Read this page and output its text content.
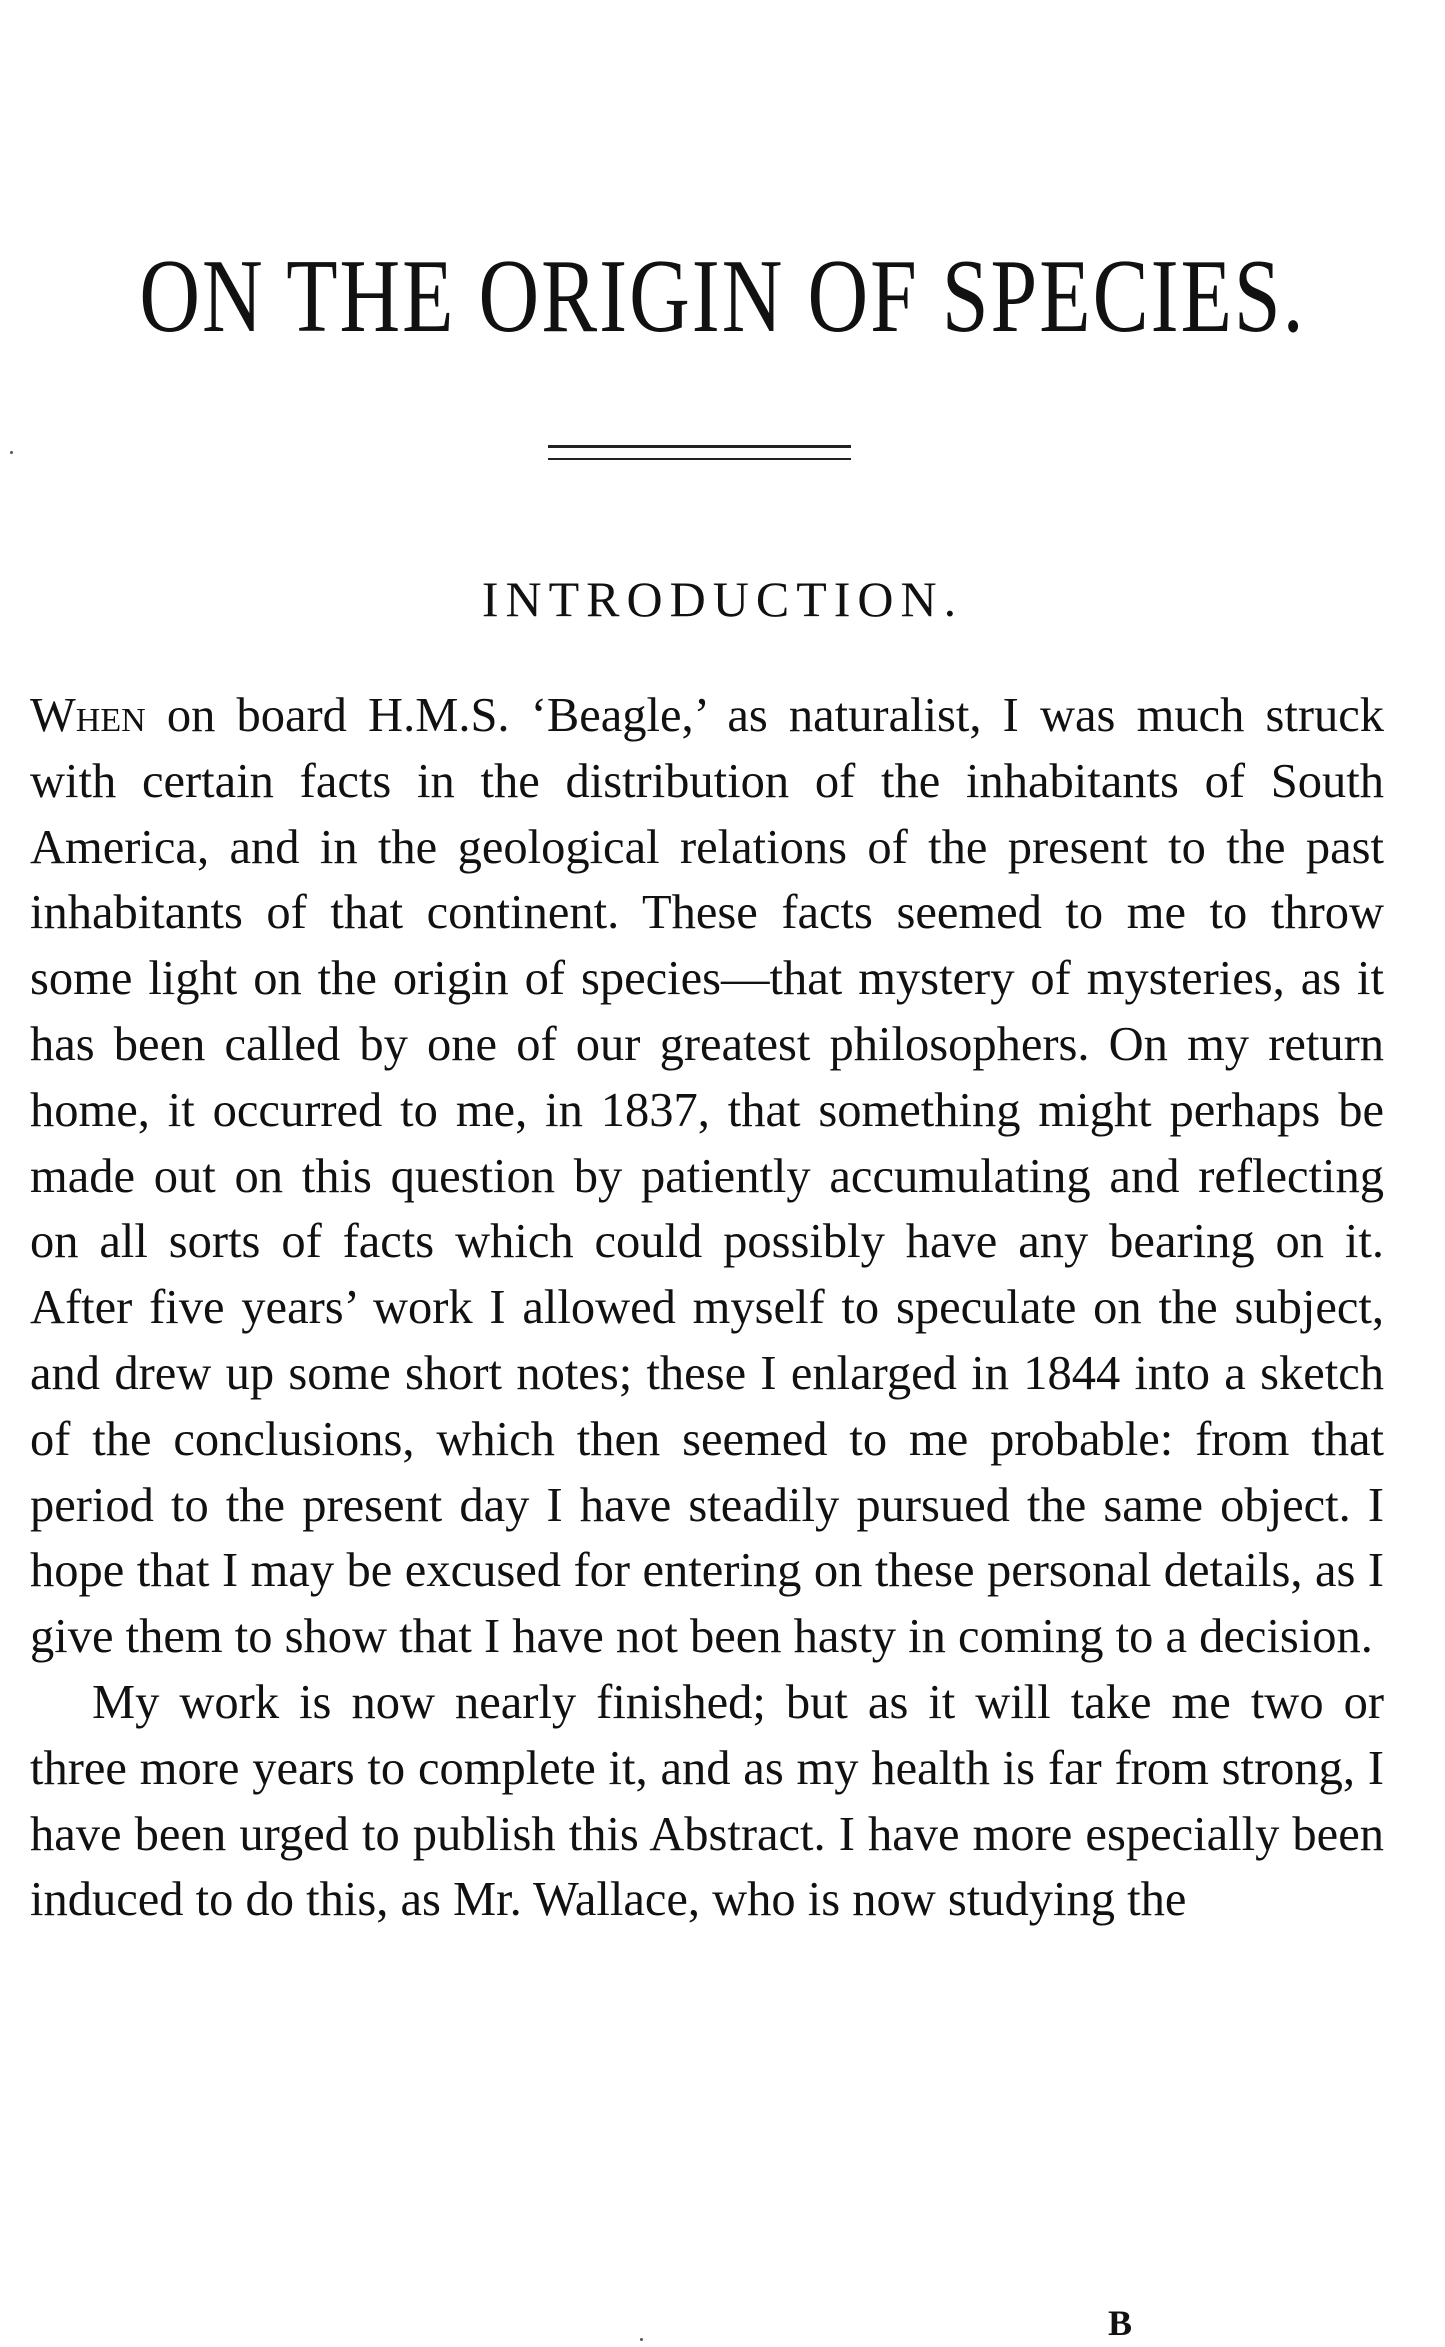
ON THE ORIGIN OF SPECIES.
INTRODUCTION.

When on board H.M.S. ‘Beagle,’ as naturalist, I was much struck with certain facts in the distribution of the inhabitants of South America, and in the geological relations of the present to the past inhabitants of that continent. These facts seemed to me to throw some light on the origin of species—that mystery of mysteries, as it has been called by one of our greatest philosophers. On my return home, it occurred to me, in 1837, that something might perhaps be made out on this question by patiently accumulating and reflecting on all sorts of facts which could possibly have any bearing on it. After five years’ work I allowed myself to speculate on the subject, and drew up some short notes; these I enlarged in 1844 into a sketch of the conclusions, which then seemed to me probable: from that period to the present day I have steadily pursued the same object. I hope that I may be excused for entering on these personal details, as I give them to show that I have not been hasty in coming to a decision.

My work is now nearly finished; but as it will take me two or three more years to complete it, and as my health is far from strong, I have been urged to publish this Abstract. I have more especially been induced to do this, as Mr. Wallace, who is now studying the

B
